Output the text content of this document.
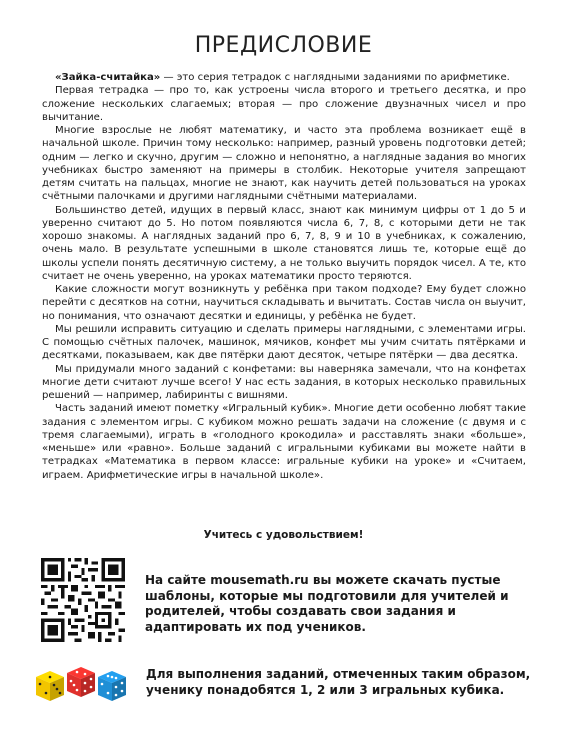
ПРЕДИСЛОВИЕ

«Зайка-считайка» — это серия тетрадок с наглядными заданиями по арифметике.

Первая тетрадка — про то, как устроены числа второго и третьего десятка, и про сложение нескольких слагаемых; вторая — про сложение двузначных чисел и про вычитание.

Многие взрослые не любят математику, и часто эта проблема возникает ещё в начальной школе. Причин тому несколько: например, разный уровень подготовки детей; одним — легко и скучно, другим — сложно и непонятно, а наглядные задания во многих учебниках быстро заменяют на примеры в столбик. Некоторые учителя запрещают детям считать на пальцах, многие не знают, как научить детей пользоваться на уроках счётными палочками и другими наглядными счётными материалами.

Большинство детей, идущих в первый класс, знают как минимум цифры от 1 до 5 и уверенно считают до 5. Но потом появляются числа 6, 7, 8, с которыми дети не так хорошо знакомы. А наглядных заданий про 6, 7, 8, 9 и 10 в учебниках, к сожалению, очень мало. В результате успешными в школе становятся лишь те, которые ещё до школы успели понять десятичную систему, а не только выучить порядок чисел. А те, кто считает не очень уверенно, на уроках математики просто теряются.

Какие сложности могут возникнуть у ребёнка при таком подходе? Ему будет сложно перейти с десятков на сотни, научиться складывать и вычитать. Состав числа он выучит, но понимания, что означают десятки и единицы, у ребёнка не будет.

Мы решили исправить ситуацию и сделать примеры наглядными, с элементами игры. С помощью счётных палочек, машинок, мячиков, конфет мы учим считать пятёрками и десятками, показываем, как две пятёрки дают десяток, четыре пятёрки — два десятка.

Мы придумали много заданий с конфетами: вы наверняка замечали, что на конфетах многие дети считают лучше всего! У нас есть задания, в которых несколько правильных решений — например, лабиринты с вишнями.

Часть заданий имеют пометку «Игральный кубик». Многие дети особенно любят такие задания с элементом игры. С кубиком можно решать задачи на сложение (с двумя и с тремя слагаемыми), играть в «голодного крокодила» и расставлять знаки «больше», «меньше» или «равно». Больше заданий с игральными кубиками вы можете найти в тетрадках «Математика в первом классе: игральные кубики на уроке» и «Считаем, играем. Арифметические игры в начальной школе».

Учитесь с удовольствием!
На сайте mousemath.ru вы можете скачать пустые шаблоны, которые мы подготовили для учителей и родителей, чтобы создавать свои задания и адаптировать их под учеников.
Для выполнения заданий, отмеченных таким образом, ученику понадобятся 1, 2 или 3 игральных кубика.
